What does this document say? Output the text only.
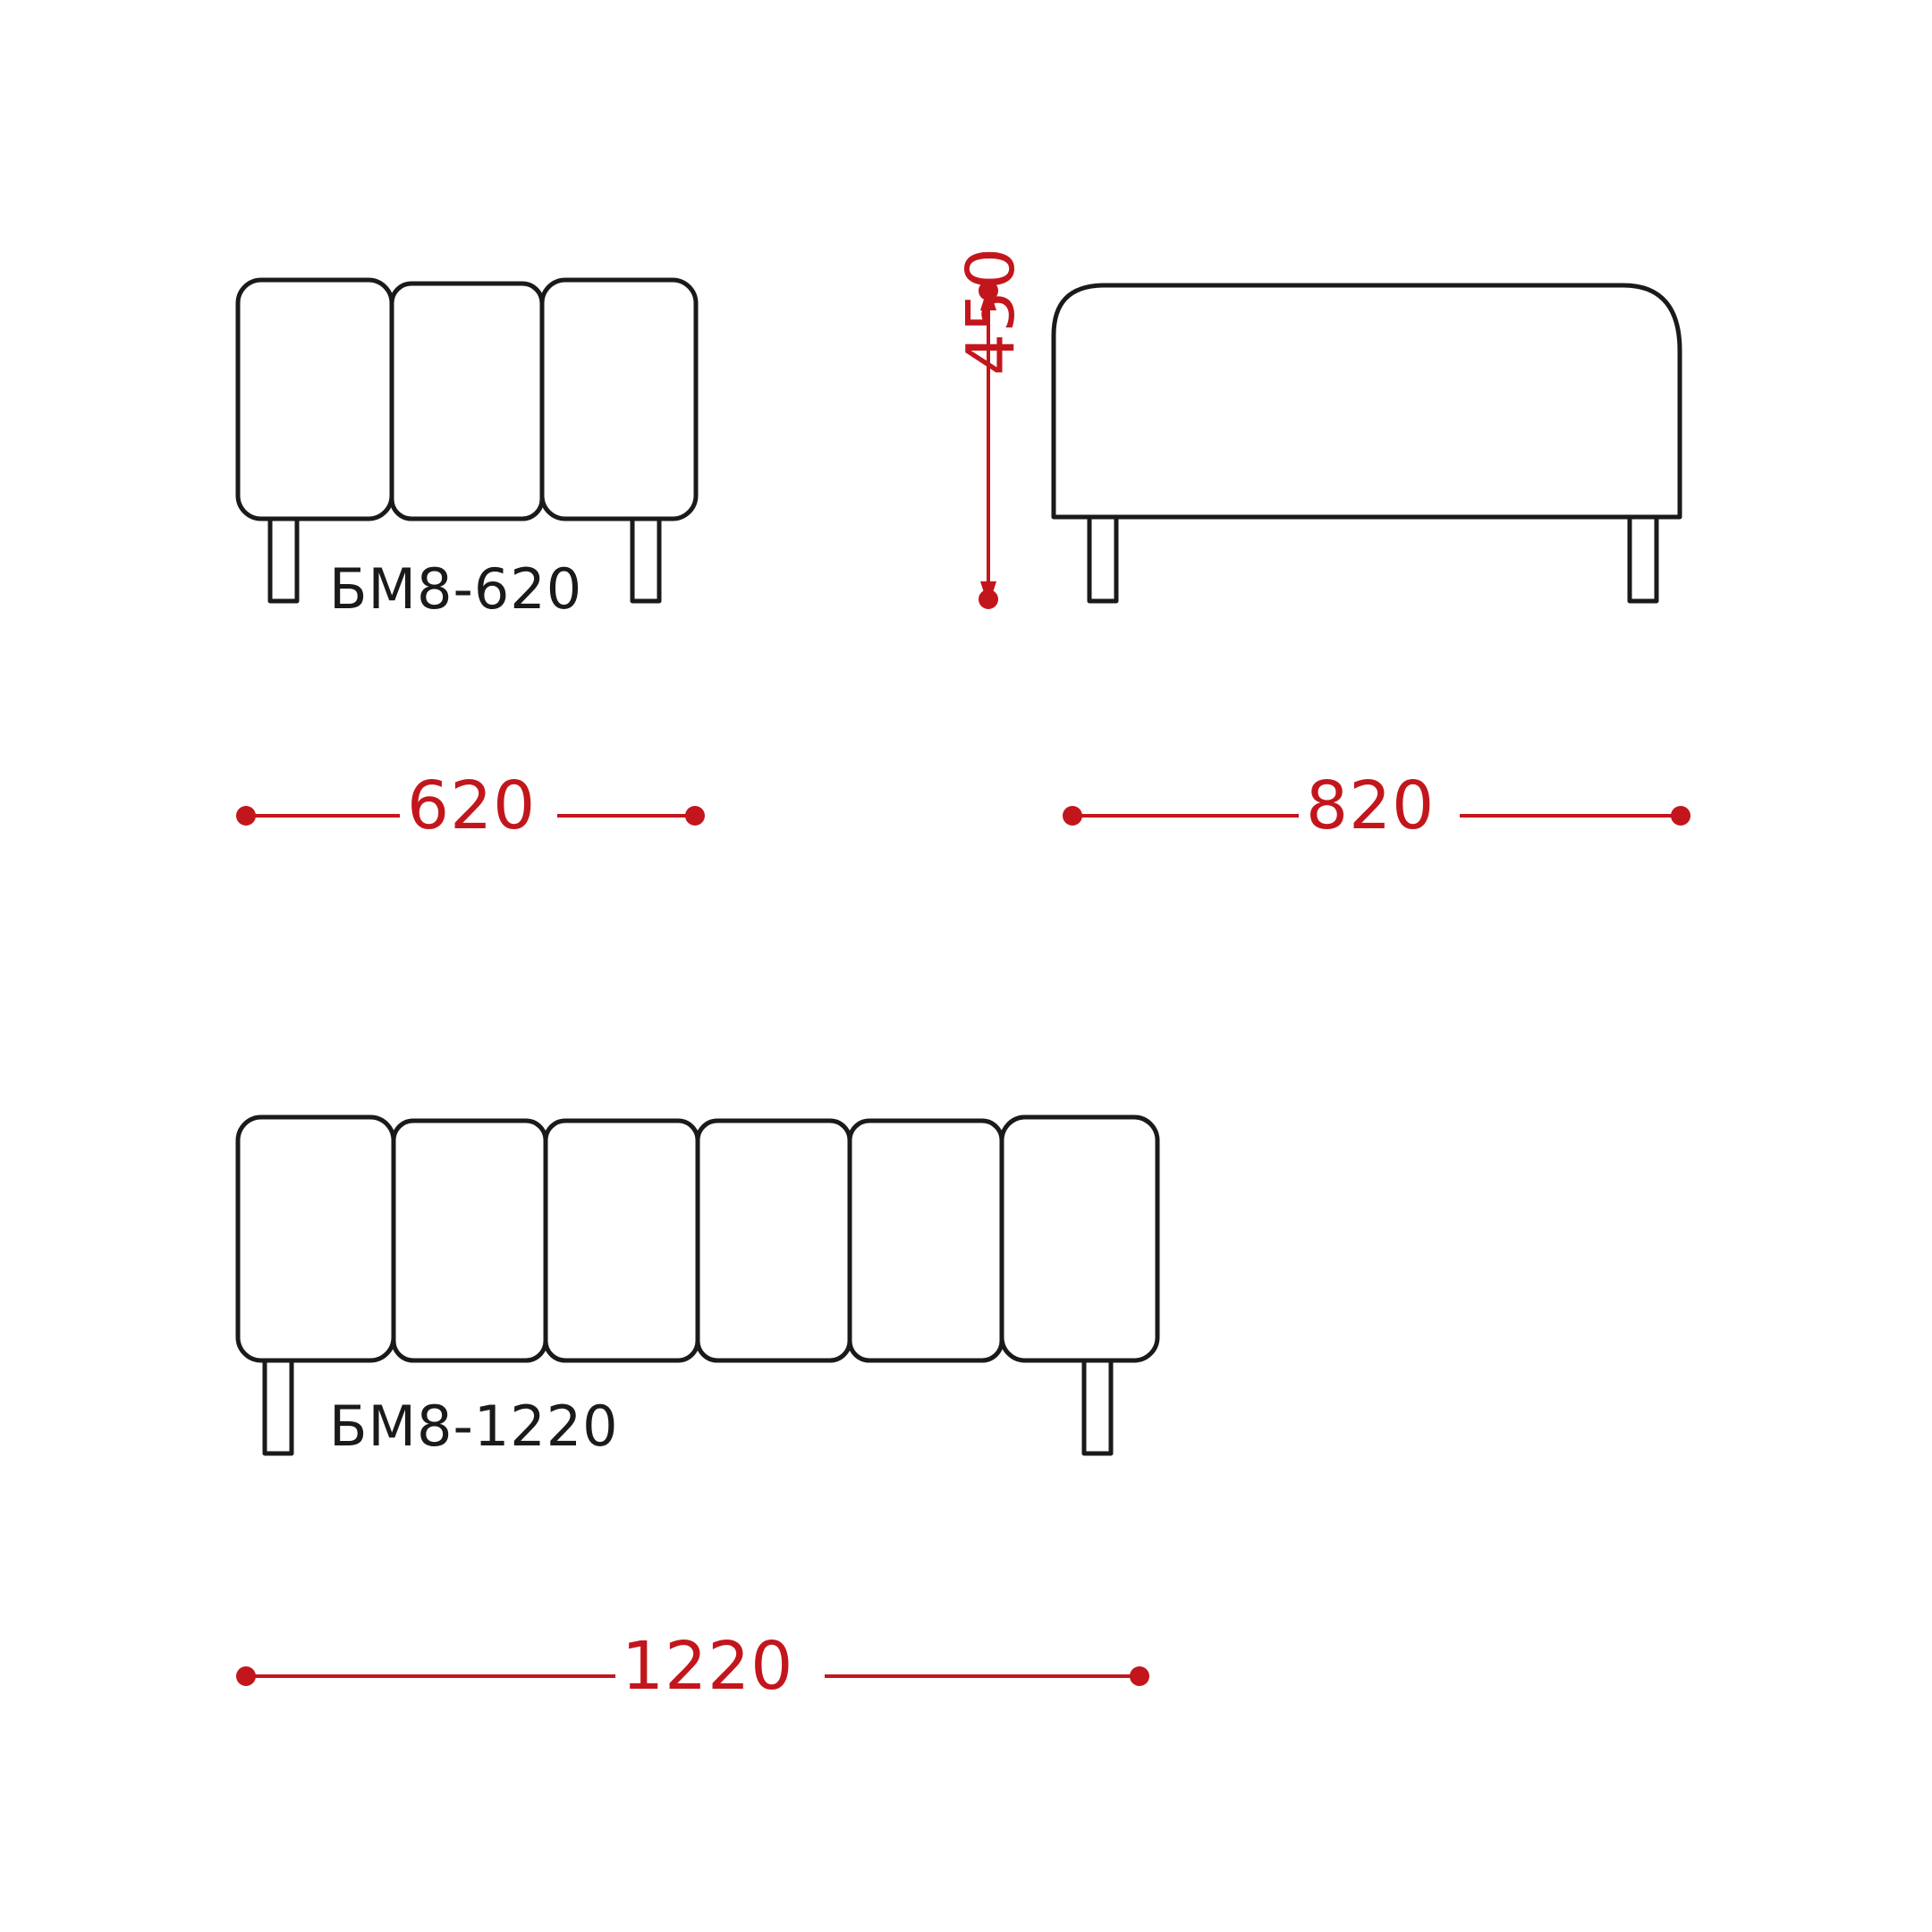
620	820
450
1220
БМ8-620
БМ8-1220
